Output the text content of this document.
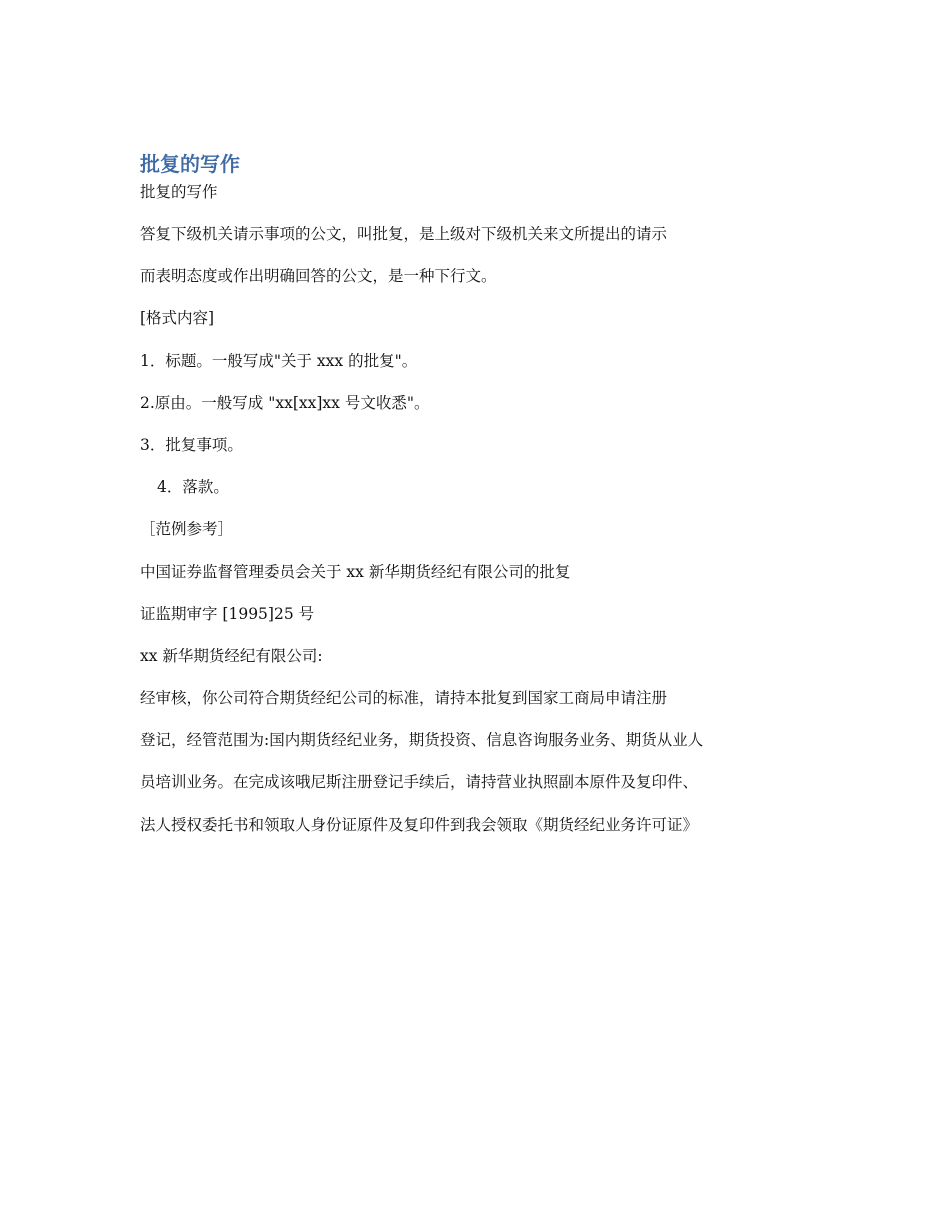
批复的写作
批复的写作
答复下级机关请示事项的公文，叫批复，是上级对下级机关来文所提出的请示
而表明态度或作出明确回答的公文，是一种下行文。
[格式内容]
1．标题。一般写成"关于 xxx 的批复"。
2.原由。一般写成 "xx[xx]xx 号文收悉"。
3．批复事项。
4．落款。
［范例参考］
中国证券监督管理委员会关于 xx 新华期货经纪有限公司的批复
证监期审字 [1995]25 号
xx 新华期货经纪有限公司:
经审核，你公司符合期货经纪公司的标准，请持本批复到国家工商局申请注册
登记，经管范围为:国内期货经纪业务，期货投资、信息咨询服务业务、期货从业人
员培训业务。在完成该哦尼斯注册登记手续后，请持营业执照副本原件及复印件、
法人授权委托书和领取人身份证原件及复印件到我会领取《期货经纪业务许可证》
